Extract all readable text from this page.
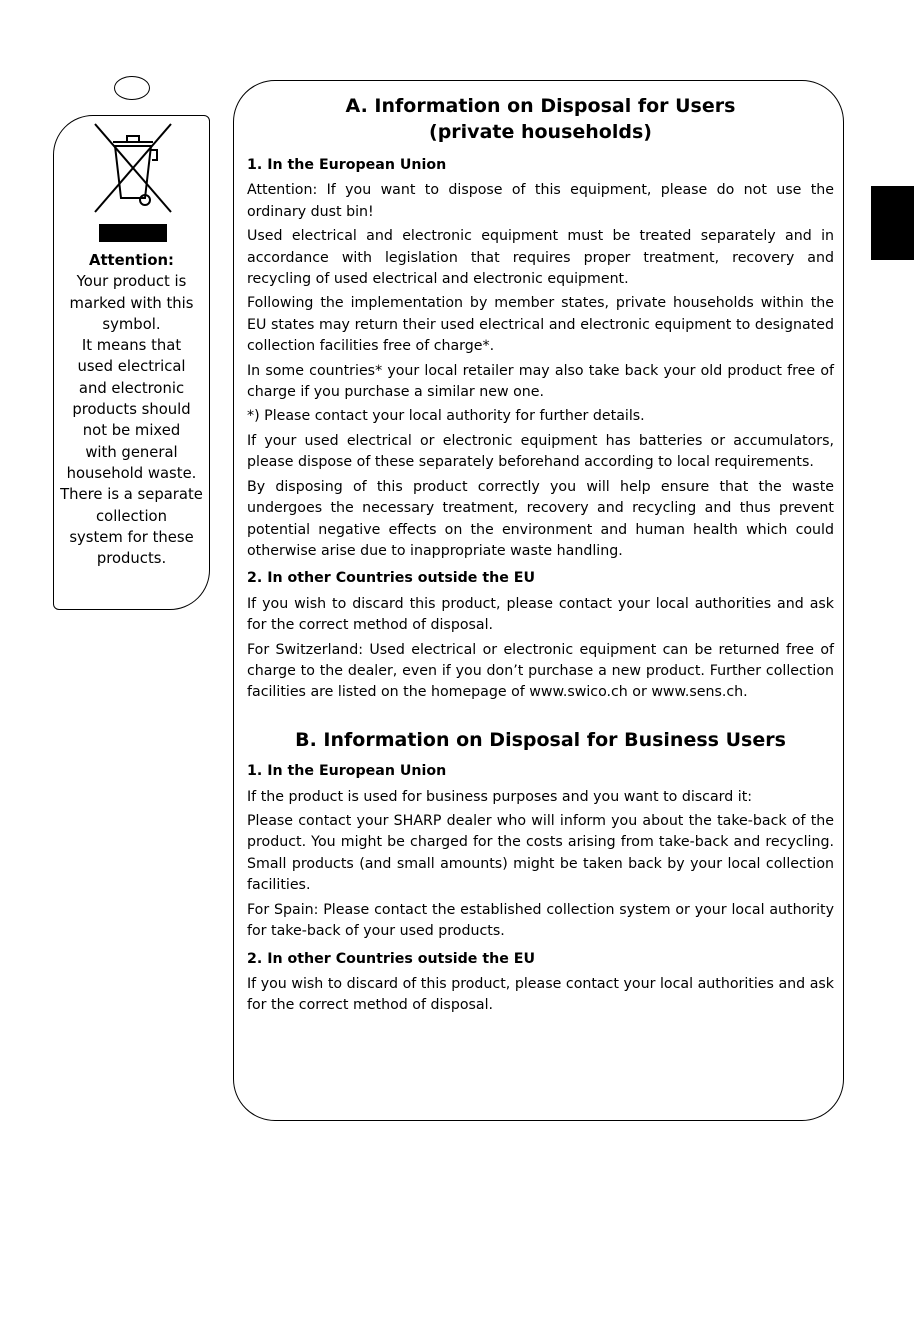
Attention:
Your product is
marked with this
symbol.
It means that
used electrical
and electronic
products should
not be mixed
with general
household waste.
There is a separate
collection
system for these
products.
A. Information on Disposal for Users
(private households)
1. In the European Union

Attention: If you want to dispose of this equipment, please do not use the ordinary dust bin!

Used electrical and electronic equipment must be treated separately and in accordance with legislation that requires proper treatment, recovery and recycling of used electrical and electronic equipment.

Following the implementation by member states, private households within the EU states may return their used electrical and electronic equipment to designated collection facilities free of charge*.

In some countries* your local retailer may also take back your old product free of charge if you purchase a similar new one.

*) Please contact your local authority for further details.

If your used electrical or electronic equipment has batteries or accumulators, please dispose of these separately beforehand according to local requirements.

By disposing of this product correctly you will help ensure that the waste undergoes the necessary treatment, recovery and recycling and thus prevent potential negative effects on the environment and human health which could otherwise arise due to inappropriate waste handling.

2. In other Countries outside the EU

If you wish to discard this product, please contact your local authorities and ask for the correct method of disposal.

For Switzerland: Used electrical or electronic equipment can be returned free of charge to the dealer, even if you don’t purchase a new product. Further collection facilities are listed on the homepage of www.swico.ch or www.sens.ch.

B. Information on Disposal for Business Users
1. In the European Union

If the product is used for business purposes and you want to discard it:

Please contact your SHARP dealer who will inform you about the take-back of the product. You might be charged for the costs arising from take-back and recycling. Small products (and small amounts) might be taken back by your local collection facilities.

For Spain: Please contact the established collection system or your local authority for take-back of your used products.

2. In other Countries outside the EU

If you wish to discard of this product, please contact your local authorities and ask for the correct method of disposal.
